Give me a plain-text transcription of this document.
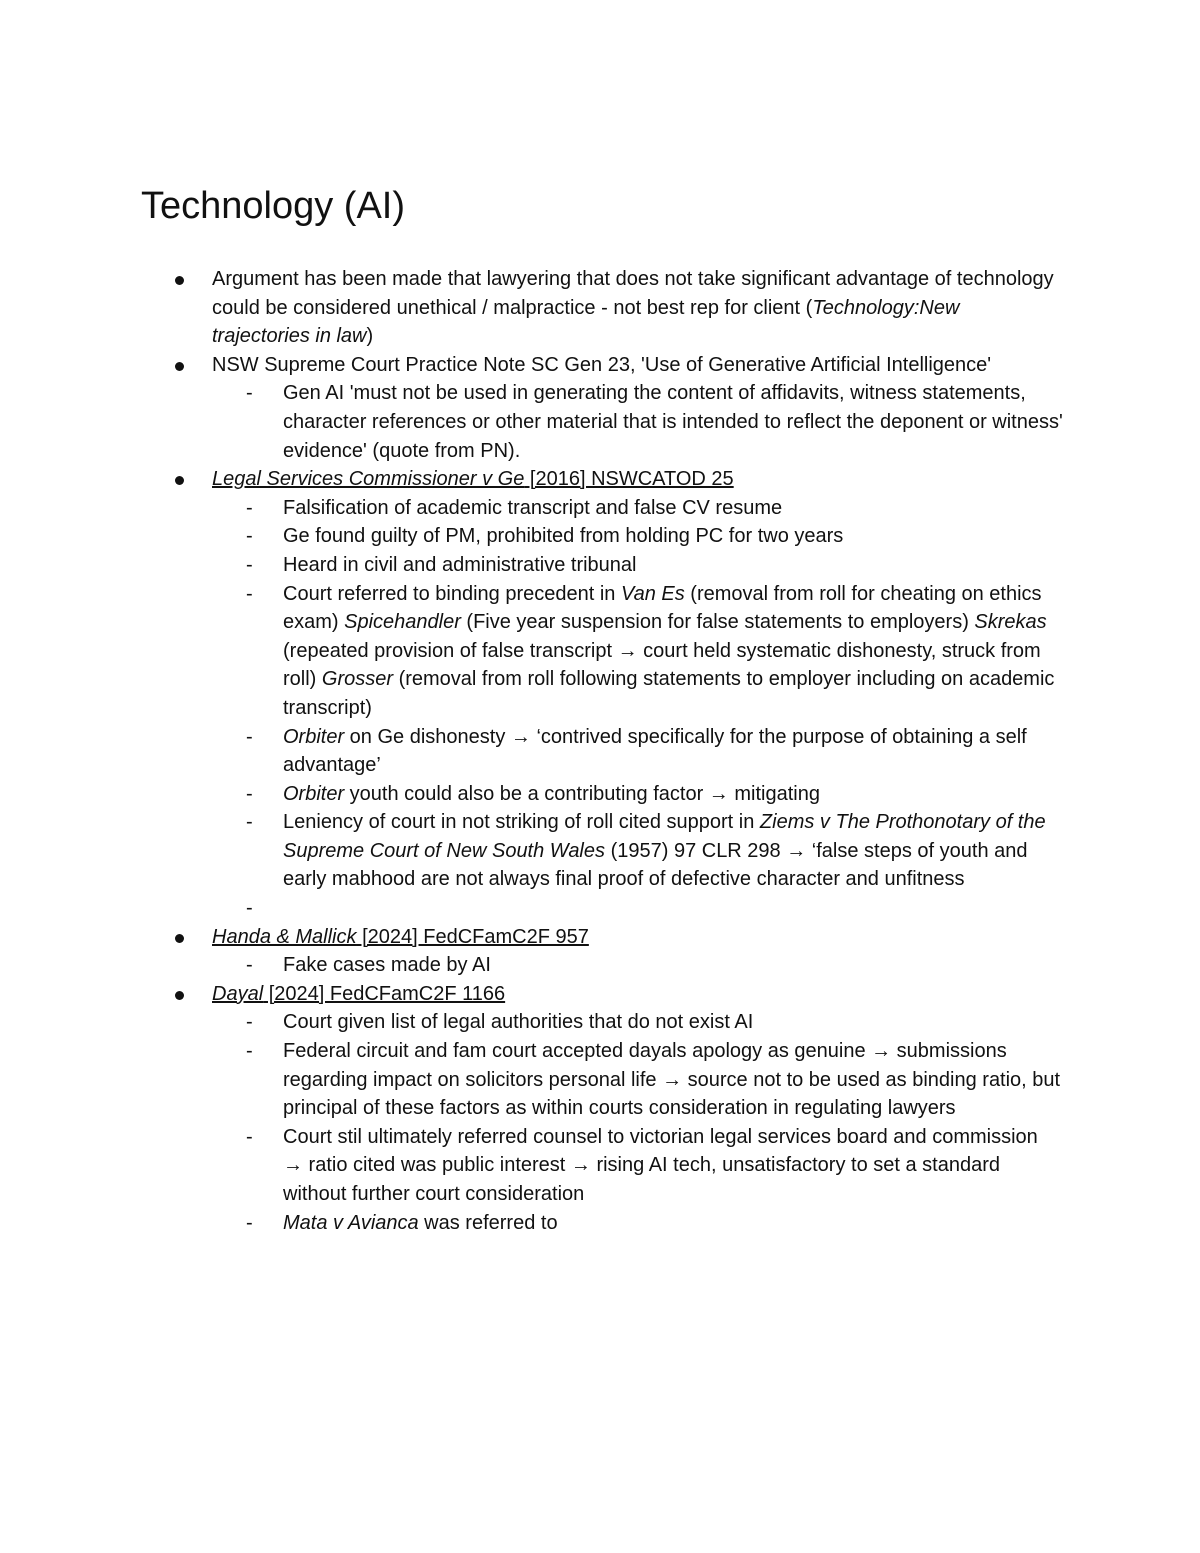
Technology (AI)
Argument has been made that lawyering that does not take significant advantage of technology could be considered unethical / malpractice - not best rep for client (Technology:New trajectories in law)
NSW Supreme Court Practice Note SC Gen 23, 'Use of Generative Artificial Intelligence'
- Gen AI 'must not be used in generating the content of affidavits, witness statements, character references or other material that is intended to reflect the deponent or witness' evidence' (quote from PN).
Legal Services Commissioner v Ge [2016] NSWCATOD 25
- Falsification of academic transcript and false CV resume
- Ge found guilty of PM, prohibited from holding PC for two years
- Heard in civil and administrative tribunal
- Court referred to binding precedent in Van Es (removal from roll for cheating on ethics exam) Spicehandler (Five year suspension for false statements to employers) Skrekas (repeated provision of false transcript → court held systematic dishonesty, struck from roll) Grosser (removal from roll following statements to employer including on academic transcript)
- Orbiter on Ge dishonesty → ‘contrived specifically for the purpose of obtaining a self advantage’
- Orbiter youth could also be a contributing factor → mitigating
- Leniency of court in not striking of roll cited support in Ziems v The Prothonotary of the Supreme Court of New South Wales (1957) 97 CLR 298 → ‘false steps of youth and early mabhood are not always final proof of defective character and unfitness
-
Handa & Mallick [2024] FedCFamC2F 957
- Fake cases made by AI
Dayal [2024] FedCFamC2F 1166
- Court given list of legal authorities that do not exist AI
- Federal circuit and fam court accepted dayals apology as genuine → submissions regarding impact on solicitors personal life → source not to be used as binding ratio, but principal of these factors as within courts consideration in regulating lawyers
- Court stil ultimately referred counsel to victorian legal services board and commission → ratio cited was public interest → rising AI tech, unsatisfactory to set a standard without further court consideration
- Mata v Avianca was referred to
